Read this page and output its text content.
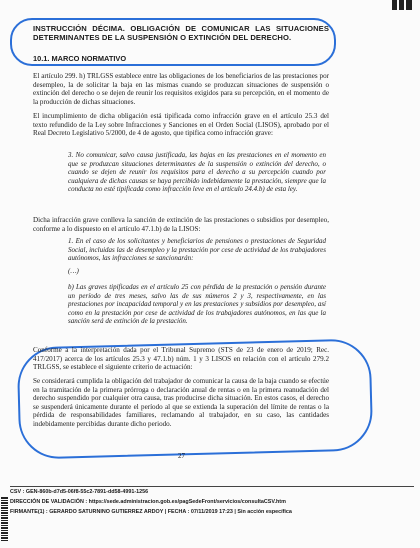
INSTRUCCIÓN DÉCIMA. OBLIGACIÓN DE COMUNICAR LAS SITUACIONES DETERMINANTES DE LA SUSPENSIÓN O EXTINCIÓN DEL DERECHO.
10.1. MARCO NORMATIVO
El artículo 299. h) TRLGSS establece entre las obligaciones de los beneficiarios de las prestaciones por desempleo, la de solicitar la baja en las mismas cuando se produzcan situaciones de suspensión o extinción del derecho o se dejen de reunir los requisitos exigidos para su percepción, en el momento de la producción de dichas situaciones.
El incumplimiento de dicha obligación está tipificada como infracción grave en el artículo 25.3 del texto refundido de la Ley sobre Infracciones y Sanciones en el Orden Social (LISOS), aprobado por el Real Decreto Legislativo 5/2000, de 4 de agosto, que tipifica como infracción grave:
3. No comunicar, salvo causa justificada, las bajas en las prestaciones en el momento en que se produzcan situaciones determinantes de la suspensión o extinción del derecho, o cuando se dejen de reunir los requisitos para el derecho a su percepción cuando por cualquiera de dichas causas se haya percibido indebidamente la prestación, siempre que la conducta no esté tipificada como infracción leve en el artículo 24.4.b) de esta ley.
Dicha infracción grave conlleva la sanción de extinción de las prestaciones o subsidios por desempleo, conforme a lo dispuesto en el artículo 47.1.b) de la LISOS:
1. En el caso de los solicitantes y beneficiarios de pensiones o prestaciones de Seguridad Social, incluidas las de desempleo y la prestación por cese de actividad de los trabajadores autónomos, las infracciones se sancionarán:
(…)
b) Las graves tipificadas en el artículo 25 con pérdida de la prestación o pensión durante un período de tres meses, salvo las de sus números 2 y 3, respectivamente, en las prestaciones por incapacidad temporal y en las prestaciones y subsidios por desempleo, así como en la prestación por cese de actividad de los trabajadores autónomos, en las que la sanción será de extinción de la prestación.
Conforme a la interpretación dada por el Tribunal Supremo (STS de 23 de enero de 2019; Rec. 417/2017) acerca de los artículos 25.3 y 47.1.b) núm. 1 y 3 LISOS en relación con el artículo 279.2 TRLGSS, se establece el siguiente criterio de actuación:
Se considerará cumplida la obligación del trabajador de comunicar la causa de la baja cuando se efectúe en la tramitación de la primera prórroga o declaración anual de rentas o en la primera reanudación del derecho suspendido por cualquier otra causa, tras producirse dicha situación. En estos casos, el derecho se suspenderá únicamente durante el período al que se extienda la superación del límite de rentas o la pérdida de responsabilidades familiares, reclamando al trabajador, en su caso, las cantidades indebidamente percibidas durante dicho periodo.
27
CSV : GEN-860b-d7d5-06f8-55c2-7891-dd58-4991-1256
DIRECCIÓN DE VALIDACIÓN : https://sede.administracion.gob.es/pagSedeFront/servicios/consultaCSV.htm
FIRMANTE(1) : GERARDO SATURNINO GUTIERREZ ARDOY | FECHA : 07/11/2019 17:23 | Sin acción específica
